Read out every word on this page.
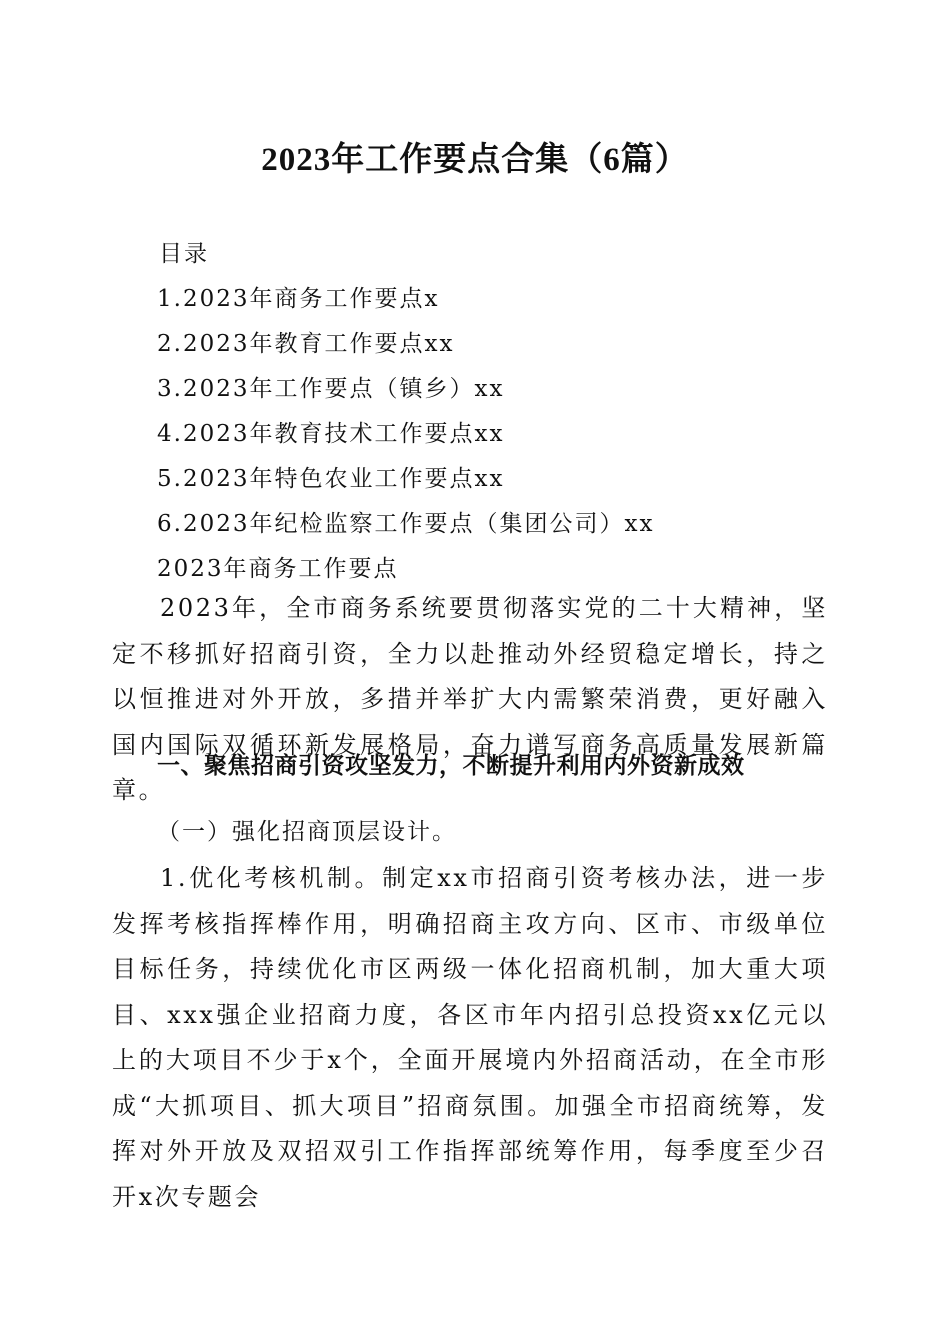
2023年工作要点合集（6篇）
目录
1.2023年商务工作要点x
2.2023年教育工作要点xx
3.2023年工作要点（镇乡）xx
4.2023年教育技术工作要点xx
5.2023年特色农业工作要点xx
6.2023年纪检监察工作要点（集团公司）xx
2023年商务工作要点

2023年，全市商务系统要贯彻落实党的二十大精神，坚定不移抓好招商引资，全力以赴推动外经贸稳定增长，持之以恒推进对外开放，多措并举扩大内需繁荣消费，更好融入国内国际双循环新发展格局，奋力谱写商务高质量发展新篇章。

一、聚焦招商引资攻坚发力，不断提升利用内外资新成效
（一）强化招商顶层设计。

1.优化考核机制。制定xx市招商引资考核办法，进一步发挥考核指挥棒作用，明确招商主攻方向、区市、市级单位目标任务，持续优化市区两级一体化招商机制，加大重大项目、xxx强企业招商力度，各区市年内招引总投资xx亿元以上的大项目不少于x个，全面开展境内外招商活动，在全市形成“大抓项目、抓大项目”招商氛围。加强全市招商统筹，发挥对外开放及双招双引工作指挥部统筹作用，每季度至少召开x次专题会
